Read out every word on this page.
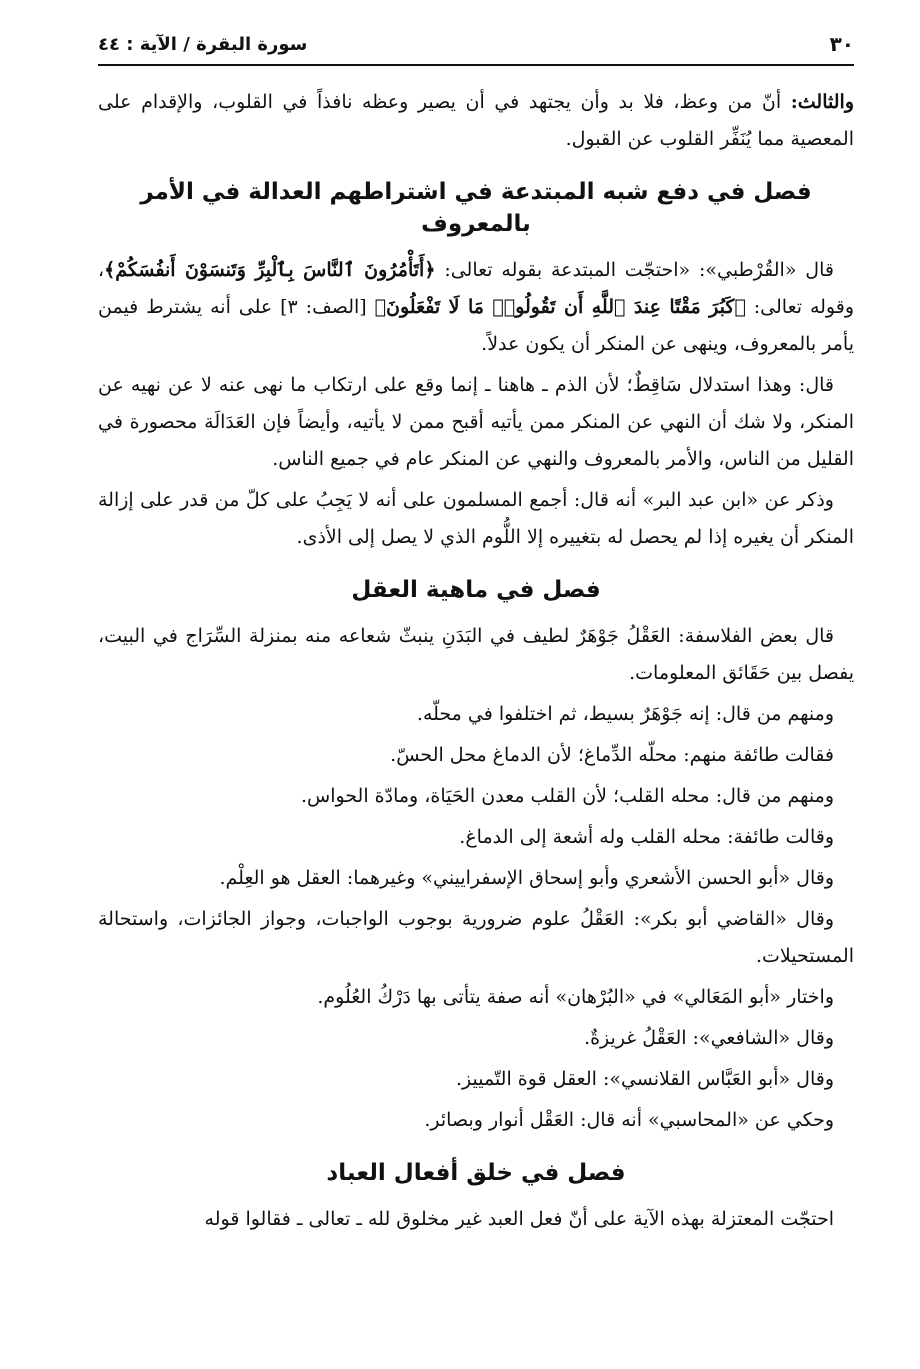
٣٠
سورة البقرة / الآية : ٤٤

والثالث: أنّ من وعظ، فلا بد وأن يجتهد في أن يصير وعظه نافذاً في القلوب، والإقدام على المعصية مما يُنَفِّر القلوب عن القبول.

فصل في دفع شبه المبتدعة في اشتراطهم العدالة في الأمر بالمعروف

قال «القُرْطبي»: «احتجّت المبتدعة بقوله تعالى: ﴿أَتَأْمُرُونَ ٱلنَّاسَ بِٱلْبِرِّ وَتَنسَوْنَ أَنفُسَكُمْ﴾، وقوله تعالى: ﴿كَبُرَ مَقْتًا عِندَ ٱللَّهِ أَن تَقُولُوا۟ مَا لَا تَفْعَلُونَ﴾ [الصف: ٣] على أنه يشترط فيمن يأمر بالمعروف، وينهى عن المنكر أن يكون عدلاً.

قال: وهذا استدلال سَاقِطٌ؛ لأن الذم ـ هاهنا ـ إنما وقع على ارتكاب ما نهى عنه لا عن نهيه عن المنكر، ولا شك أن النهي عن المنكر ممن يأتيه أقبح ممن لا يأتيه، وأيضاً فإن العَدَالَة محصورة في القليل من الناس، والأمر بالمعروف والنهي عن المنكر عام في جميع الناس.

وذكر عن «ابن عبد البر» أنه قال: أجمع المسلمون على أنه لا يَجِبُ على كلّ من قدر على إزالة المنكر أن يغيره إذا لم يحصل له بتغييره إلا اللُّوم الذي لا يصل إلى الأذى.

فصل في ماهية العقل

قال بعض الفلاسفة: العَقْلُ جَوْهَرٌ لطيف في البَدَنِ ينبثّ شعاعه منه بمنزلة السِّرَاج في البيت، يفصل بين حَقَائق المعلومات.

ومنهم من قال: إنه جَوْهَرٌ بسيط، ثم اختلفوا في محلّه.

فقالت طائفة منهم: محلّه الدِّماغ؛ لأن الدماغ محل الحسّ.

ومنهم من قال: محله القلب؛ لأن القلب معدن الحَيَاة، ومادّة الحواس.

وقالت طائفة: محله القلب وله أشعة إلى الدماغ.

وقال «أبو الحسن الأشعري وأبو إسحاق الإسفراييني» وغيرهما: العقل هو العِلْم.

وقال «القاضي أبو بكر»: العَقْلُ علوم ضرورية بوجوب الواجبات، وجواز الجائزات، واستحالة المستحيلات.

واختار «أبو المَعَالي» في «البُرْهان» أنه صفة يتأتى بها دَرْكُ العُلُوم.

وقال «الشافعي»: العَقْلُ غريزةٌ.

وقال «أبو العَبَّاس القلانسي»: العقل قوة التّمييز.

وحكي عن «المحاسبي» أنه قال: العَقْل أنوار وبصائر.

فصل في خلق أفعال العباد

احتجّت المعتزلة بهذه الآية على أنّ فعل العبد غير مخلوق لله ـ تعالى ـ فقالوا قوله
